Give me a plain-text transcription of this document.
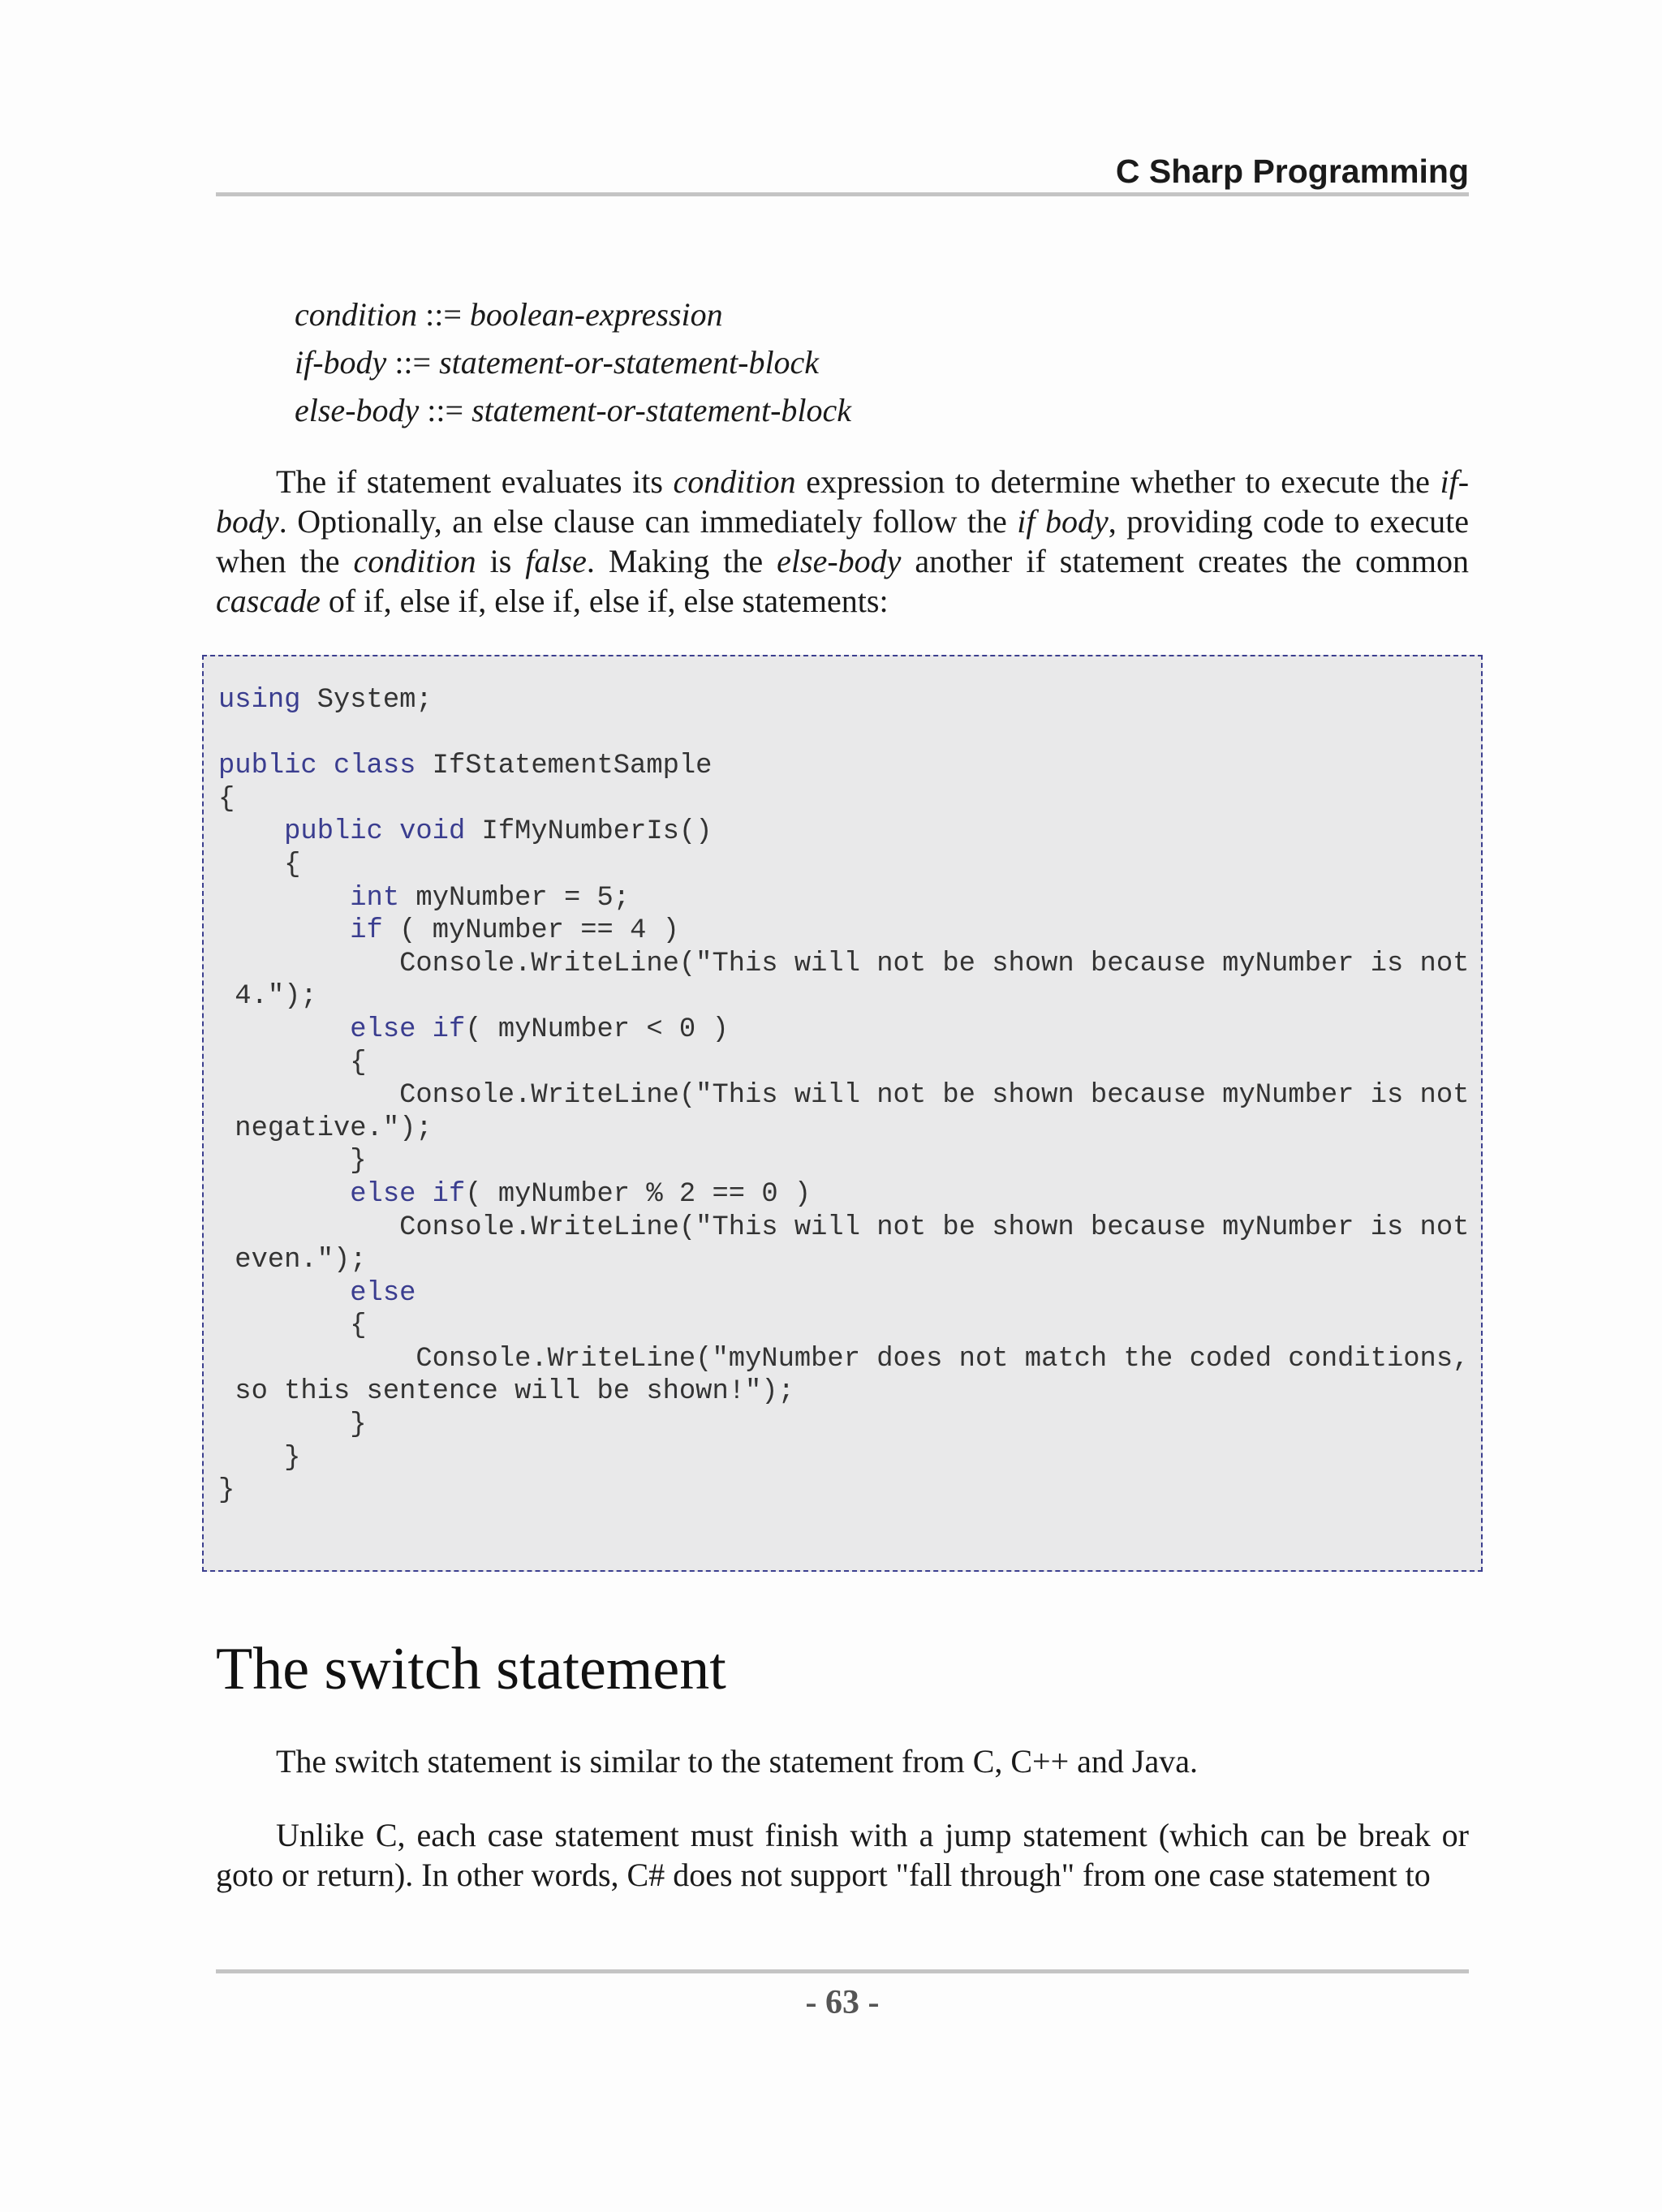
C Sharp Programming
condition ::= boolean-expression
if-body ::= statement-or-statement-block
else-body ::= statement-or-statement-block

The if statement evaluates its condition expression to determine whether to execute the if-body. Optionally, an else clause can immediately follow the if body, providing code to execute when the condition is false. Making the else-body another if statement creates the common cascade of if, else if, else if, else if, else statements:

using System;

public class IfStatementSample
{
public void IfMyNumberIs()
{
int myNumber = 5;
if ( myNumber == 4 )
Console.WriteLine("This will not be shown because myNumber is not
4.");
else if( myNumber < 0 )
{
Console.WriteLine("This will not be shown because myNumber is not
negative.");
}
else if( myNumber % 2 == 0 )
Console.WriteLine("This will not be shown because myNumber is not
even.");
else
{
Console.WriteLine("myNumber does not match the coded conditions,
so this sentence will be shown!");
}
}
}
The switch statement

The switch statement is similar to the statement from C, C++ and Java.

Unlike C, each case statement must finish with a jump statement (which can be break or goto or return). In other words, C# does not support "fall through" from one case statement to

- 63 -
